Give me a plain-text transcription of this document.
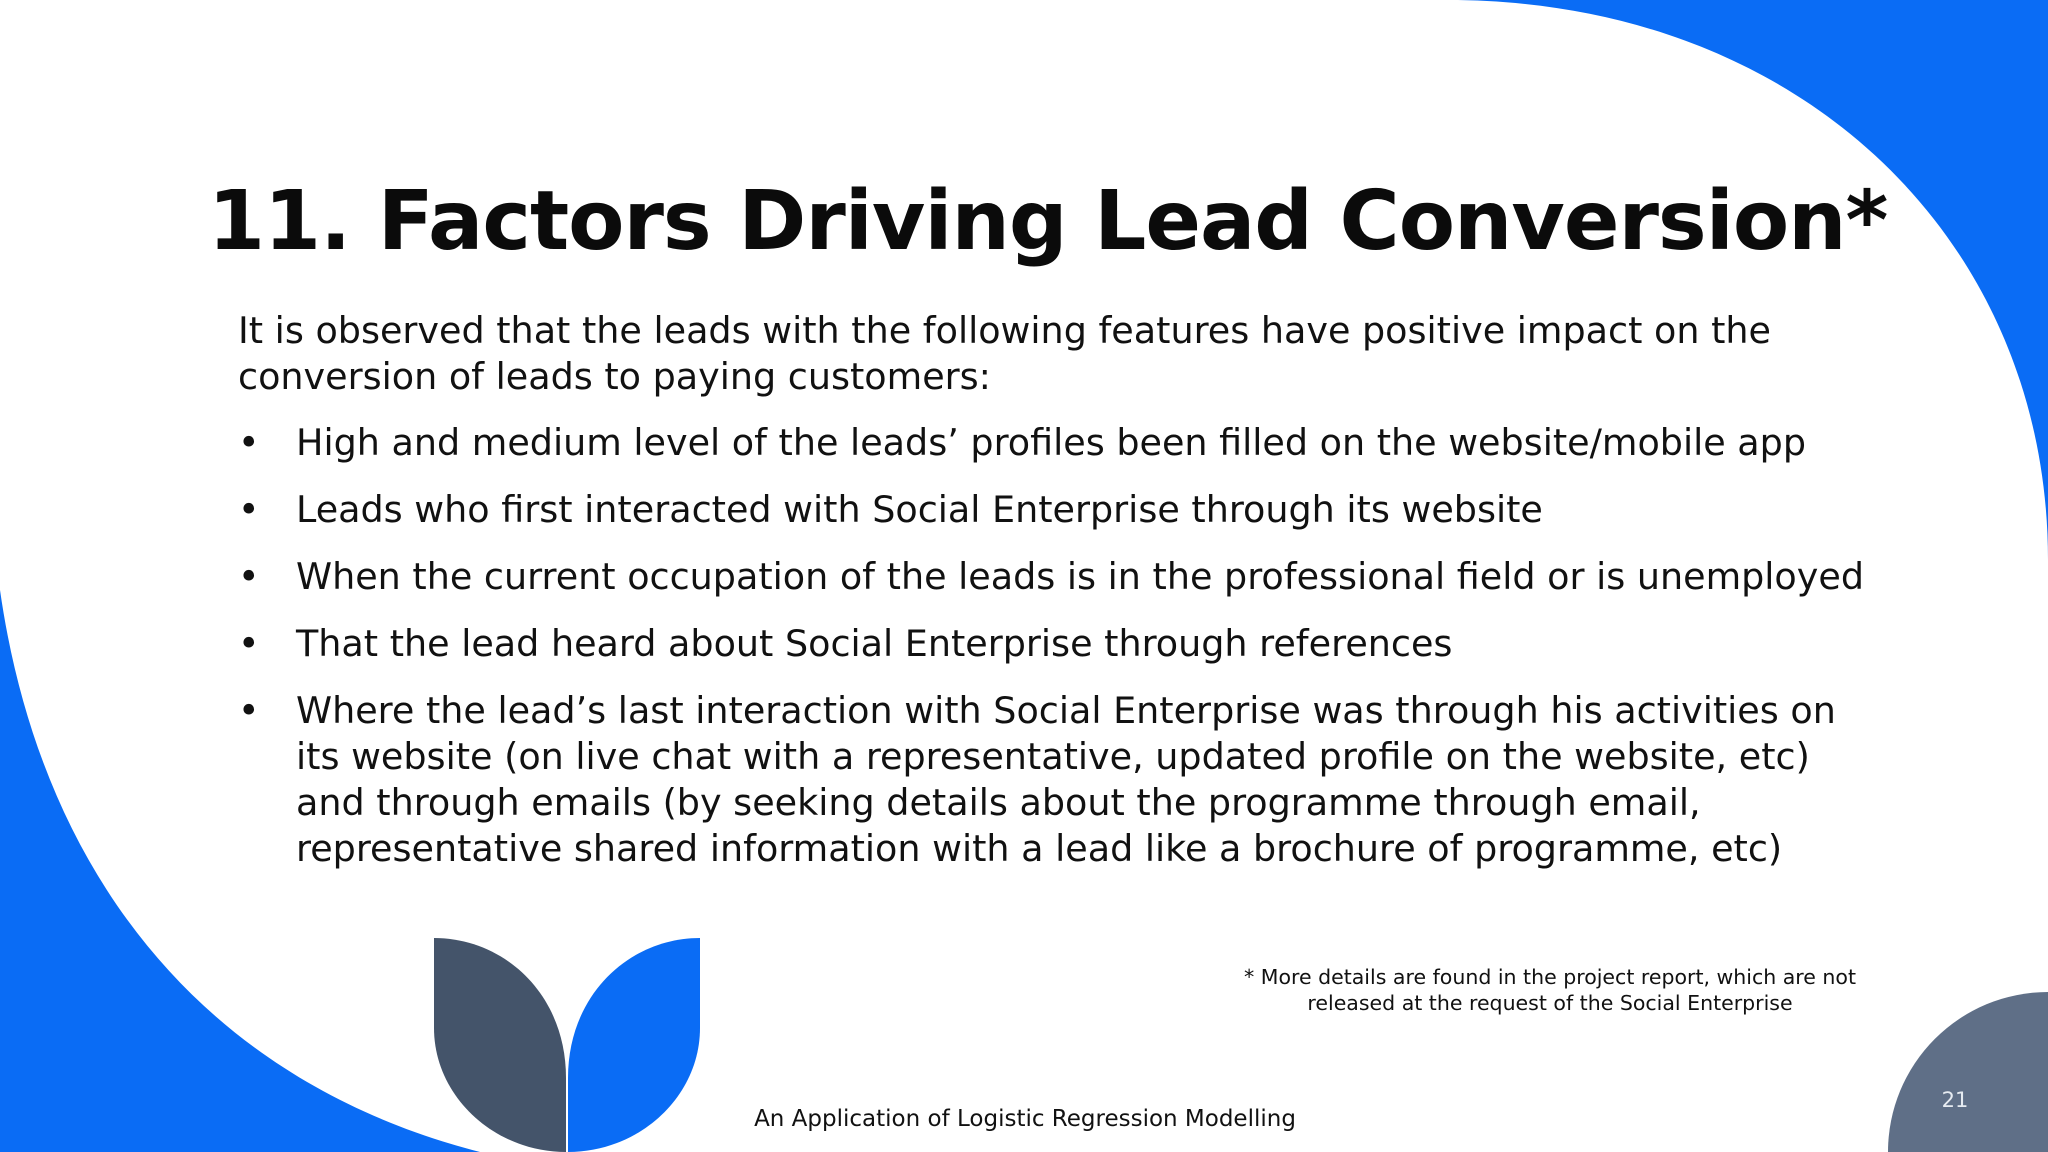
11. Factors Driving Lead Conversion*

It is observed that the leads with the following features have positive impact on the conversion of leads to paying customers:

• High and medium level of the leads’ profiles been filled on the website/mobile app
• Leads who first interacted with Social Enterprise through its website
• When the current occupation of the leads is in the professional field or is unemployed
• That the lead heard about Social Enterprise through references
• Where the lead’s last interaction with Social Enterprise was through his activities on its website (on live chat with a representative, updated profile on the website, etc) and through emails (by seeking details about the programme through email, representative shared information with a lead like a brochure of programme, etc)

* More details are found in the project report, which are not released at the request of the Social Enterprise

An Application of Logistic Regression Modelling
21
